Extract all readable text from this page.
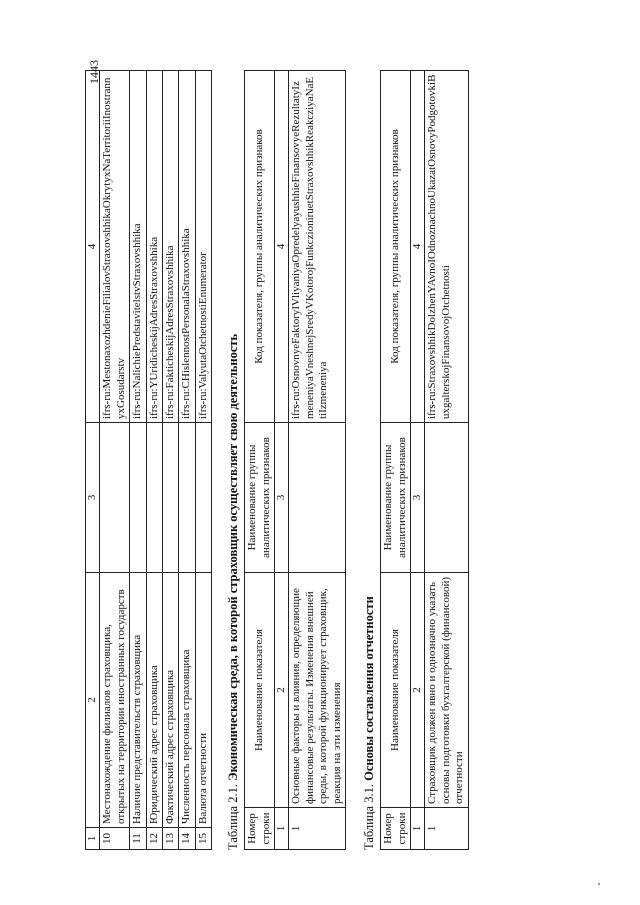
1443
1	2	3	4
10	Местонахождение филиалов страховщика, открытых на территории иностранных государств		ifrs-ru:MestonaxozhdenieFilialovStraxovshhikaOkrytyxNaTerritoriiInostrannyxGosudarstv
11	Наличие представительств страховщика		ifrs-ru:NalichiePredstavitelstvStraxovshhika
12	Юридический адрес страховщика		ifrs-ru:YUridicheskijAdresStraxovshhika
13	Фактический адрес страховщика		ifrs-ru:FakticheskijAdresStraxovshhika
14	Численность персонала страховщика		ifrs-ru:CHislennostPersonalaStraxovshhika
15	Валюта отчетности		ifrs-ru:ValyutaOtchetnostiEnumerator
Таблица 2.1. Экономическая среда, в которой страховщик осуществляет свою деятельность
Номер строки	Наименование показателя	Наименование группы аналитических признаков	Код показателя, группы аналитических признаков
1	2	3	4
1	Основные факторы и влияния, определяющие финансовые результаты. Изменения внешней среды, в которой функционирует страховщик, реакция на эти изменения		ifrs-ru:OsnovnyeFaktoryIVliyaniyaOpredelyayushhieFinansovyeRezultatyIzmeneniyaVneshnejSredyVKotorojFunkczioniruetStraxovshhikReakcziyaNaEtiIzmeneniya
Таблица 3.1. Основы составления отчетности
Номер строки	Наименование показателя	Наименование группы аналитических признаков	Код показателя, группы аналитических признаков
1	2	3	4
1	Страховщик должен явно и однозначно указать основы подготовки бухгалтерской (финансовой) отчетности		ifrs-ru:StraxovshhikDolzhenYAvnoIOdnoznachnoUkazatOsnovyPodgotovkiBuxgalterskojFinansovojOtchetnosti
